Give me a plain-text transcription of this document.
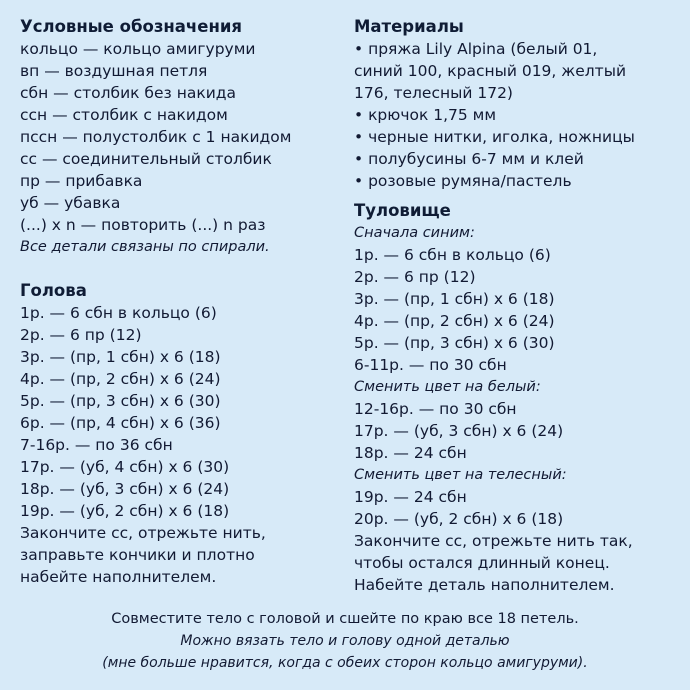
Условные обозначения
кольцо — кольцо амигуруми
вп — воздушная петля
сбн — столбик без накида
ссн — столбик с накидом
пссн — полустолбик с 1 накидом
сс — соединительный столбик
пр — прибавка
уб — убавка
(...) х n — повторить (...) n раз
Все детали связаны по спирали.
Голова
1р. — 6 сбн в кольцо (6)
2р. — 6 пр (12)
3р. — (пр, 1 сбн) х 6 (18)
4р. — (пр, 2 сбн) х 6 (24)
5р. — (пр, 3 сбн) х 6 (30)
6р. — (пр, 4 сбн) х 6 (36)
7-16р. — по 36 сбн
17р. — (уб, 4 сбн) х 6 (30)
18р. — (уб, 3 сбн) х 6 (24)
19р. — (уб, 2 сбн) х 6 (18)
Закончите сс, отрежьте нить,
заправьте кончики и плотно
набейте наполнителем.
Материалы
• пряжа Lily Alpina (белый 01,
синий 100, красный 019, желтый
176, телесный 172)
• крючок 1,75 мм
• черные нитки, иголка, ножницы
• полубусины 6-7 мм и клей
• розовые румяна/пастель
Туловище
Сначала синим:
1р. — 6 сбн в кольцо (6)
2р. — 6 пр (12)
3р. — (пр, 1 сбн) х 6 (18)
4р. — (пр, 2 сбн) х 6 (24)
5р. — (пр, 3 сбн) х 6 (30)
6-11р. — по 30 сбн
Сменить цвет на белый:
12-16р. — по 30 сбн
17р. — (уб, 3 сбн) х 6 (24)
18р. — 24 сбн
Сменить цвет на телесный:
19р. — 24 сбн
20р. — (уб, 2 сбн) х 6 (18)
Закончите сс, отрежьте нить так,
чтобы остался длинный конец.
Набейте деталь наполнителем.
Совместите тело с головой и сшейте по краю все 18 петель.
Можно вязать тело и голову одной деталью
(мне больше нравится, когда с обеих сторон кольцо амигуруми).
